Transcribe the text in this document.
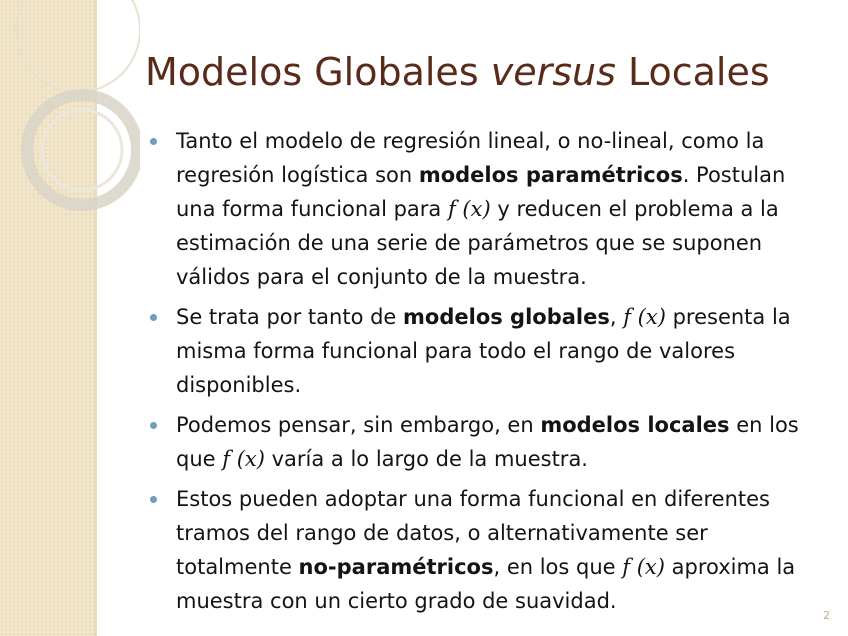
Modelos Globales versus Locales
Tanto el modelo de regresión lineal, o no-lineal, como la regresión logística son modelos paramétricos. Postulan una forma funcional para f (x) y reducen el problema a la estimación de una serie de parámetros que se suponen válidos para el conjunto de la muestra.
Se trata por tanto de modelos globales, f (x) presenta la misma forma funcional para todo el rango de valores disponibles.
Podemos pensar, sin embargo, en modelos locales en los que f (x) varía a lo largo de la muestra.
Estos pueden adoptar una forma funcional en diferentes tramos del rango de datos, o alternativamente ser totalmente no-paramétricos, en los que f (x) aproxima la muestra con un cierto grado de suavidad.
2
